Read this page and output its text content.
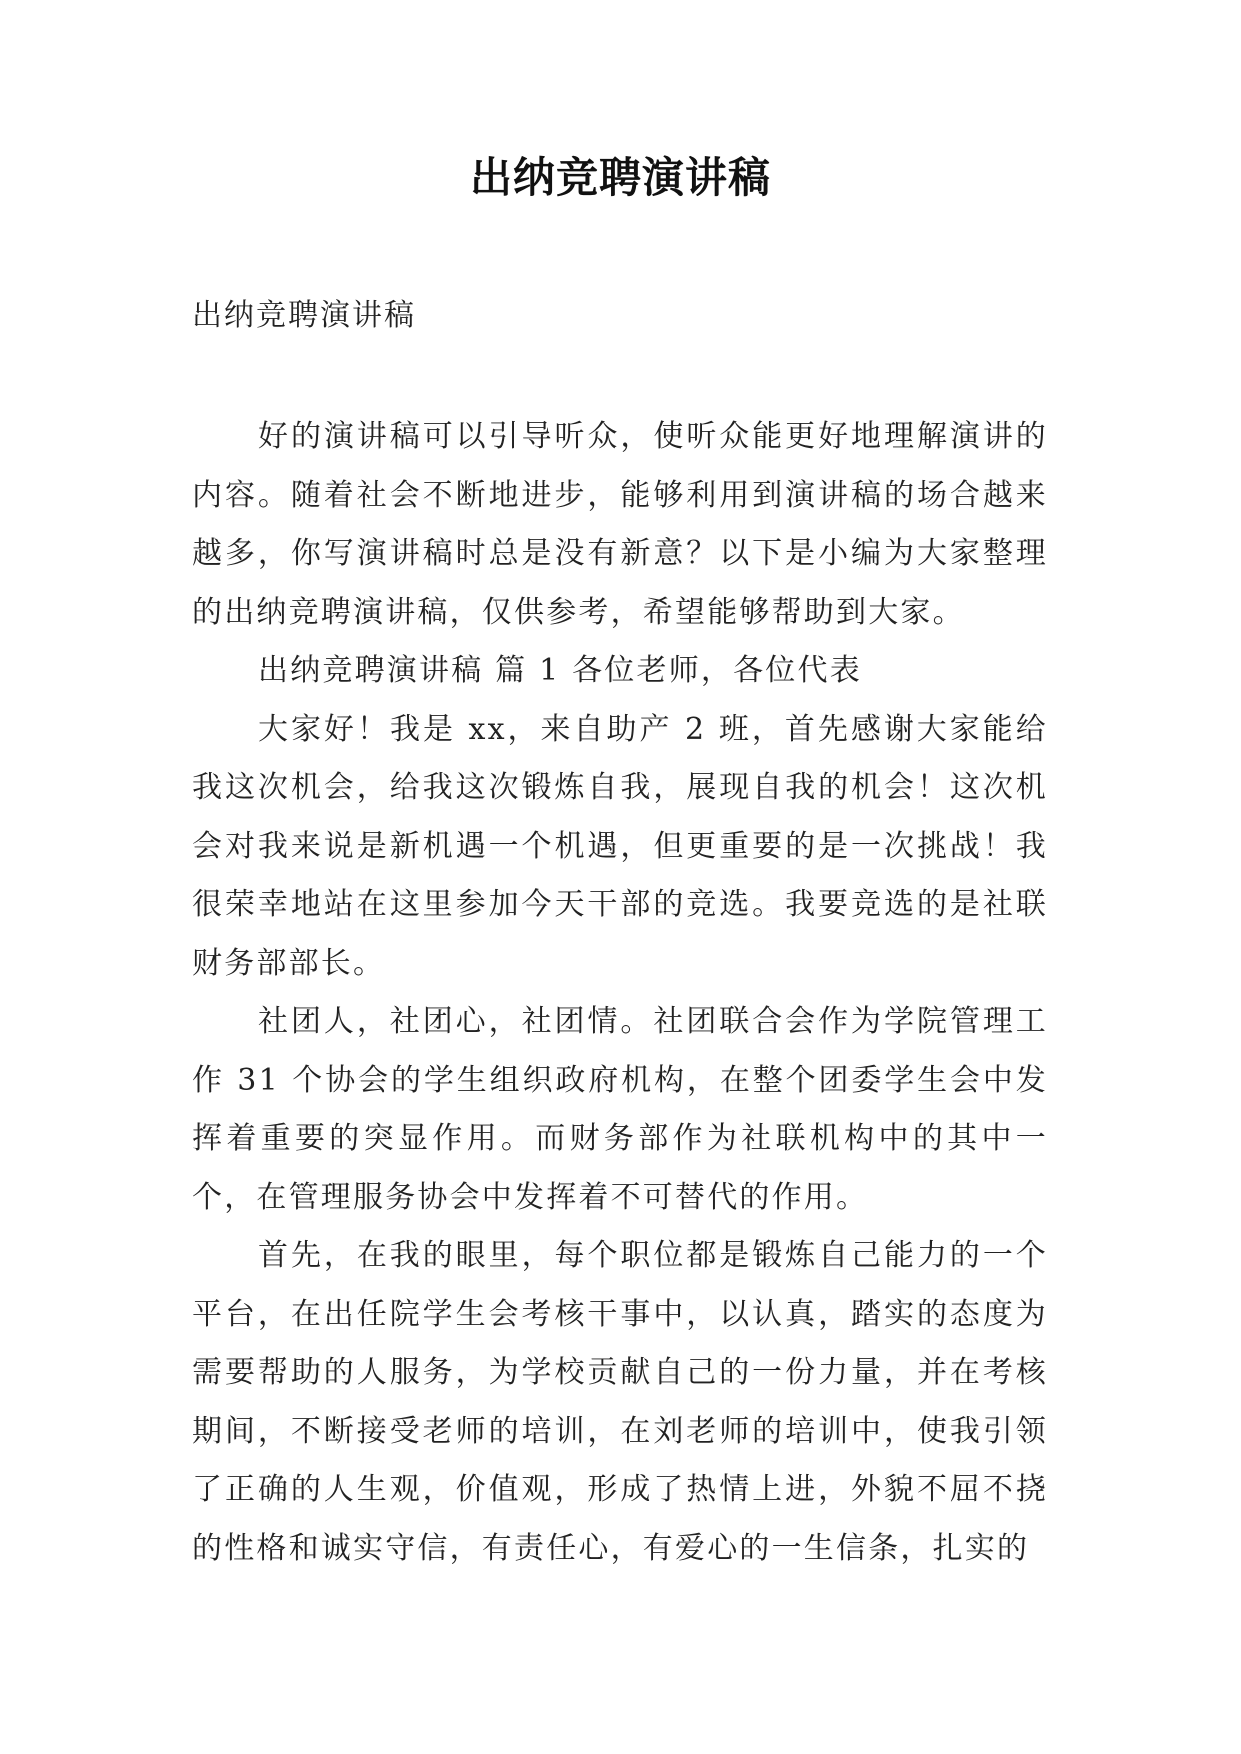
出纳竞聘演讲稿
出纳竞聘演讲稿

好的演讲稿可以引导听众，使听众能更好地理解演讲的内容。随着社会不断地进步，能够利用到演讲稿的场合越来越多，你写演讲稿时总是没有新意？以下是小编为大家整理的出纳竞聘演讲稿，仅供参考，希望能够帮助到大家。

出纳竞聘演讲稿 篇 1 各位老师，各位代表

大家好！我是 xx，来自助产 2 班，首先感谢大家能给我这次机会，给我这次锻炼自我，展现自我的机会！这次机会对我来说是新机遇一个机遇，但更重要的是一次挑战！我很荣幸地站在这里参加今天干部的竞选。我要竞选的是社联财务部部长。

社团人，社团心，社团情。社团联合会作为学院管理工作 31 个协会的学生组织政府机构，在整个团委学生会中发挥着重要的突显作用。而财务部作为社联机构中的其中一个，在管理服务协会中发挥着不可替代的作用。

首先，在我的眼里，每个职位都是锻炼自己能力的一个平台，在出任院学生会考核干事中，以认真，踏实的态度为需要帮助的人服务，为学校贡献自己的一份力量，并在考核期间，不断接受老师的培训，在刘老师的培训中，使我引领了正确的人生观，价值观，形成了热情上进，外貌不屈不挠的性格和诚实守信，有责任心，有爱心的一生信条，扎实的
